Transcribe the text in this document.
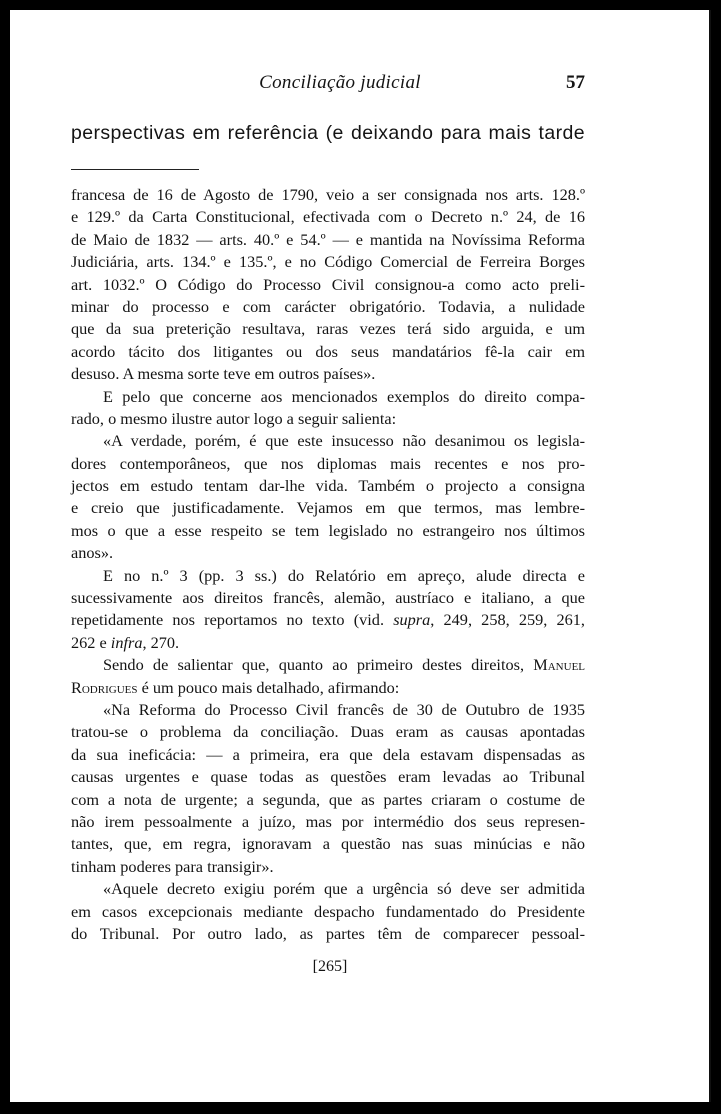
Conciliação judicial	57
perspectivas em referência (e deixando para mais tarde
francesa de 16 de Agosto de 1790, veio a ser consignada nos arts. 128.º
e 129.º da Carta Constitucional, efectivada com o Decreto n.º 24, de 16
de Maio de 1832 — arts. 40.º e 54.º — e mantida na Novíssima Reforma
Judiciária, arts. 134.º e 135.º, e no Código Comercial de Ferreira Borges
art. 1032.º O Código do Processo Civil consignou-a como acto preli-
minar do processo e com carácter obrigatório. Todavia, a nulidade
que da sua preterição resultava, raras vezes terá sido arguida, e um
acordo tácito dos litigantes ou dos seus mandatários fê-la cair em
desuso. A mesma sorte teve em outros países».
E pelo que concerne aos mencionados exemplos do direito compa-
rado, o mesmo ilustre autor logo a seguir salienta:
«A verdade, porém, é que este insucesso não desanimou os legisla-
dores contemporâneos, que nos diplomas mais recentes e nos pro-
jectos em estudo tentam dar-lhe vida. Também o projecto a consigna
e creio que justificadamente. Vejamos em que termos, mas lembre-
mos o que a esse respeito se tem legislado no estrangeiro nos últimos
anos».
E no n.º 3 (pp. 3 ss.) do Relatório em apreço, alude directa e
sucessivamente aos direitos francês, alemão, austríaco e italiano, a que
repetidamente nos reportamos no texto (vid. supra, 249, 258, 259, 261,
262 e infra, 270.
Sendo de salientar que, quanto ao primeiro destes direitos, Manuel
Rodrigues é um pouco mais detalhado, afirmando:
«Na Reforma do Processo Civil francês de 30 de Outubro de 1935
tratou-se o problema da conciliação. Duas eram as causas apontadas
da sua ineficácia: — a primeira, era que dela estavam dispensadas as
causas urgentes e quase todas as questões eram levadas ao Tribunal
com a nota de urgente; a segunda, que as partes criaram o costume de
não irem pessoalmente a juízo, mas por intermédio dos seus represen-
tantes, que, em regra, ignoravam a questão nas suas minúcias e não
tinham poderes para transigir».
«Aquele decreto exigiu porém que a urgência só deve ser admitida
em casos excepcionais mediante despacho fundamentado do Presidente
do Tribunal. Por outro lado, as partes têm de comparecer pessoal-
[265]
